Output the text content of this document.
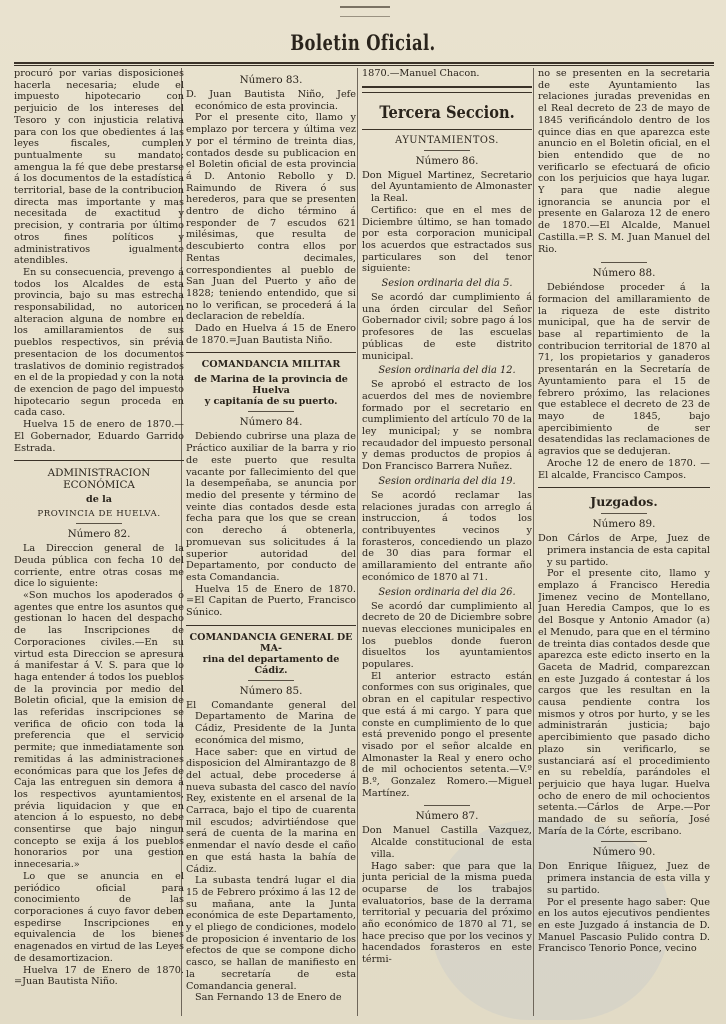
Boletin Oficial.

procuró por varias disposiciones hacerla necesaria; elude el impuesto hipotecario con perjuicio de los intereses del Tesoro y con injusticia relativa para con los que obedientes á las leyes fiscales, cumplen puntualmente su mandato; amengua la fé que debe prestarse á los documentos de la estadística territorial, base de la contribucion directa mas importante y mas necesitada de exactitud y precision, y contraria por último otros fines políticos y administrativos igualmente atendibles.

En su consecuencia, prevengo á todos los Alcaldes de esta provincia, bajo su mas estrecha responsabilidad, no autoricen alteracion alguna de nombre en los amillaramientos de sus pueblos respectivos, sin prévia presentacion de los documentos traslativos de dominio registrados en el de la propiedad y con la nota de exencion de pago del impuesto hipotecario segun proceda en cada caso.

Huelva 15 de enero de 1870.— El Gobernador, Eduardo Garrido Estrada.

ADMINISTRACION ECONÓMICA
de la
PROVINCIA DE HUELVA.
Número 82.

La Direccion general de la Deuda pública con fecha 10 del corriente, entre otras cosas me dice lo siguiente:

«Son muchos los apoderados ó agentes que entre los asuntos que gestionan lo hacen del despacho de las Inscripciones de Corporaciones civiles.—En su virtud esta Direccion se apresura á manifestar á V. S. para que lo haga entender á todos los pueblos de la provincia por medio del Boletin oficial, que la emision de las referidas inscripciones se verifica de oficio con toda la preferencia que el servicio permite; que inmediatamente son remitidas á las administraciones económicas para que los Jefes de Caja las entreguen sin demora á los respectivos ayuntamientos, prévia liquidacion y que en atencion á lo espuesto, no debe consentirse que bajo ningun concepto se exija á los pueblos honorarios por una gestion innecesaria.»

Lo que se anuncia en el periódico oficial para conocimiento de las corporaciones á cuyo favor deben espedirse Inscripciones en equivalencia de los bienes enagenados en virtud de las Leyes de desamortizacion.

Huelva 17 de Enero de 1870. =Juan Bautista Niño.

Número 83.

D. Juan Bautista Niño, Jefe económico de esta provincia.

Por el presente cito, llamo y emplazo por tercera y última vez y por el término de treinta dias, contados desde su publicacion en el Boletin oficial de esta provincia á D. Antonio Rebollo y D. Raimundo de Rivera ó sus herederos, para que se presenten dentro de dicho término á responder de 7 escudos 621 milésimas, que resulta de descubierto contra ellos por Rentas decimales, correspondientes al pueblo de San Juan del Puerto y año de 1828; teniendo entendido, que si no lo verifican, se procederá á la declaracion de rebeldía.

Dado en Huelva á 15 de Enero de 1870.=Juan Bautista Niño.

COMANDANCIA MILITAR
de Marina de la provincia de Huelva
y capitanía de su puerto.
Número 84.

Debiendo cubrirse una plaza de Práctico auxiliar de la barra y rio de este puerto que resulta vacante por fallecimiento del que la desempeñaba, se anuncia por medio del presente y término de veinte dias contados desde esta fecha para que los que se crean con derecho á obtenerla, promuevan sus solicitudes á la superior autoridad del Departamento, por conducto de esta Comandancia.

Huelva 15 de Enero de 1870. =El Capitan de Puerto, Francisco Súnico.

COMANDANCIA GENERAL DE MA-
rina del departamento de Cádiz.
Número 85.

El Comandante general del Departamento de Marina de Cádiz, Presidente de la Junta económica del mismo,

Hace saber: que en virtud de disposicion del Almirantazgo de 8 del actual, debe procederse á nueva subasta del casco del navío Rey, existente en el arsenal de la Carraca, bajo el tipo de cuarenta mil escudos; advirtiéndose que será de cuenta de la marina en enmendar el navío desde el caño en que está hasta la bahía de Cádiz.

La subasta tendrá lugar el dia 15 de Febrero próximo á las 12 de su mañana, ante la Junta económica de este Departamento, y el pliego de condiciones, modelo de proposicion é inventario de los efectos de que se compone dicho casco, se hallan de manifiesto en la secretaría de esta Comandancia general.

San Fernando 13 de Enero de

1870.—Manuel Chacon.

Tercera Seccion.
AYUNTAMIENTOS.
Número 86.

Don Miguel Martinez, Secretario del Ayuntamiento de Almonaster la Real.

Certifico: que en el mes de Diciembre último, se han tomado por esta corporacion municipal los acuerdos que estractados sus particulares son del tenor siguiente:

Sesion ordinaria del dia 5.

Se acordó dar cumplimiento á una órden circular del Señor Gobernador civil; sobre pago á los profesores de las escuelas públicas de este distrito municipal.

Sesion ordinaria del dia 12.

Se aprobó el estracto de los acuerdos del mes de noviembre formado por el secretario en cumplimiento del artículo 70 de la ley municipal; y se nombra recaudador del impuesto personal y demas productos de propios á Don Francisco Barrera Nuñez.

Sesion ordinaria del dia 19.

Se acordó reclamar las relaciones juradas con arreglo á instruccion, á todos los contribuyentes vecinos y forasteros, concediendo un plazo de 30 dias para formar el amillaramiento del entrante año económico de 1870 al 71.

Sesion ordinaria del dia 26.

Se acordó dar cumplimiento al decreto de 20 de Diciembre sobre nuevas elecciones municipales en los pueblos donde fueron disueltos los ayuntamientos populares.

El anterior estracto están conformes con sus originales, que obran en el capitular respectivo que está á mi cargo. Y para que conste en cumplimiento de lo que está prevenido pongo el presente visado por el señor alcalde en Almonaster la Real y enero ocho de mil ochocientos setenta.—V.º B.º, Gonzalez Romero.—Miguel Martínez.

Número 87.

Don Manuel Castilla Vazquez, Alcalde constitucional de esta villa.

Hago saber: que para que la junta pericial de la misma pueda ocuparse de los trabajos evaluatorios, base de la derrama territorial y pecuaria del próximo año económico de 1870 al 71, se hace preciso que por los vecinos y hacendados forasteros en este térmi-

no se presenten en la secretaria de este Ayuntamiento las relaciones juradas prevenidas en el Real decreto de 23 de mayo de 1845 verificándolo dentro de los quince dias en que aparezca este anuncio en el Boletin oficial, en el bien entendido que de no verificarlo se efectuará de oficio con los perjuicios que haya lugar. Y para que nadie alegue ignorancia se anuncia por el presente en Galaroza 12 de enero de 1870.—El Alcalde, Manuel Castilla.=P. S. M. Juan Manuel del Rio.

Número 88.

Debiéndose proceder á la formacion del amillaramiento de la riqueza de este distrito municipal, que ha de servir de base al repartimiento de la contribucion territorial de 1870 al 71, los propietarios y ganaderos presentarán en la Secretaría de Ayuntamiento para el 15 de febrero próximo, las relaciones que establece el decreto de 23 de mayo de 1845, bajo apercibimiento de ser desatendidas las reclamaciones de agravios que se dedujeran.

Aroche 12 de enero de 1870. —El alcalde, Francisco Campos.

Juzgados.
Número 89.

Don Cárlos de Arpe, Juez de primera instancia de esta capital y su partido.

Por el presente cito, llamo y emplazo á Francisco Heredia Jimenez vecino de Montellano, Juan Heredia Campos, que lo es del Bosque y Antonio Amador (a) el Menudo, para que en el término de treinta dias contados desde que aparezca este edicto inserto en la Gaceta de Madrid, comparezcan en este Juzgado á contestar á los cargos que les resultan en la causa pendiente contra los mismos y otros por hurto, y se les administrarán justicia; bajo apercibimiento que pasado dicho plazo sin verificarlo, se sustanciará así el procedimiento en su rebeldía, parándoles el perjuicio que haya lugar. Huelva ocho de enero de mil ochocientos setenta.—Cárlos de Arpe.—Por mandado de su señoría, José María de la Córte, escribano.

Número 90.

Don Enrique Iñiguez, Juez de primera instancia de esta villa y su partido.

Por el presente hago saber: Que en los autos ejecutivos pendientes en este Juzgado á instancia de D. Manuel Pascasio Pulido contra D. Francisco Tenorio Ponce, vecino
